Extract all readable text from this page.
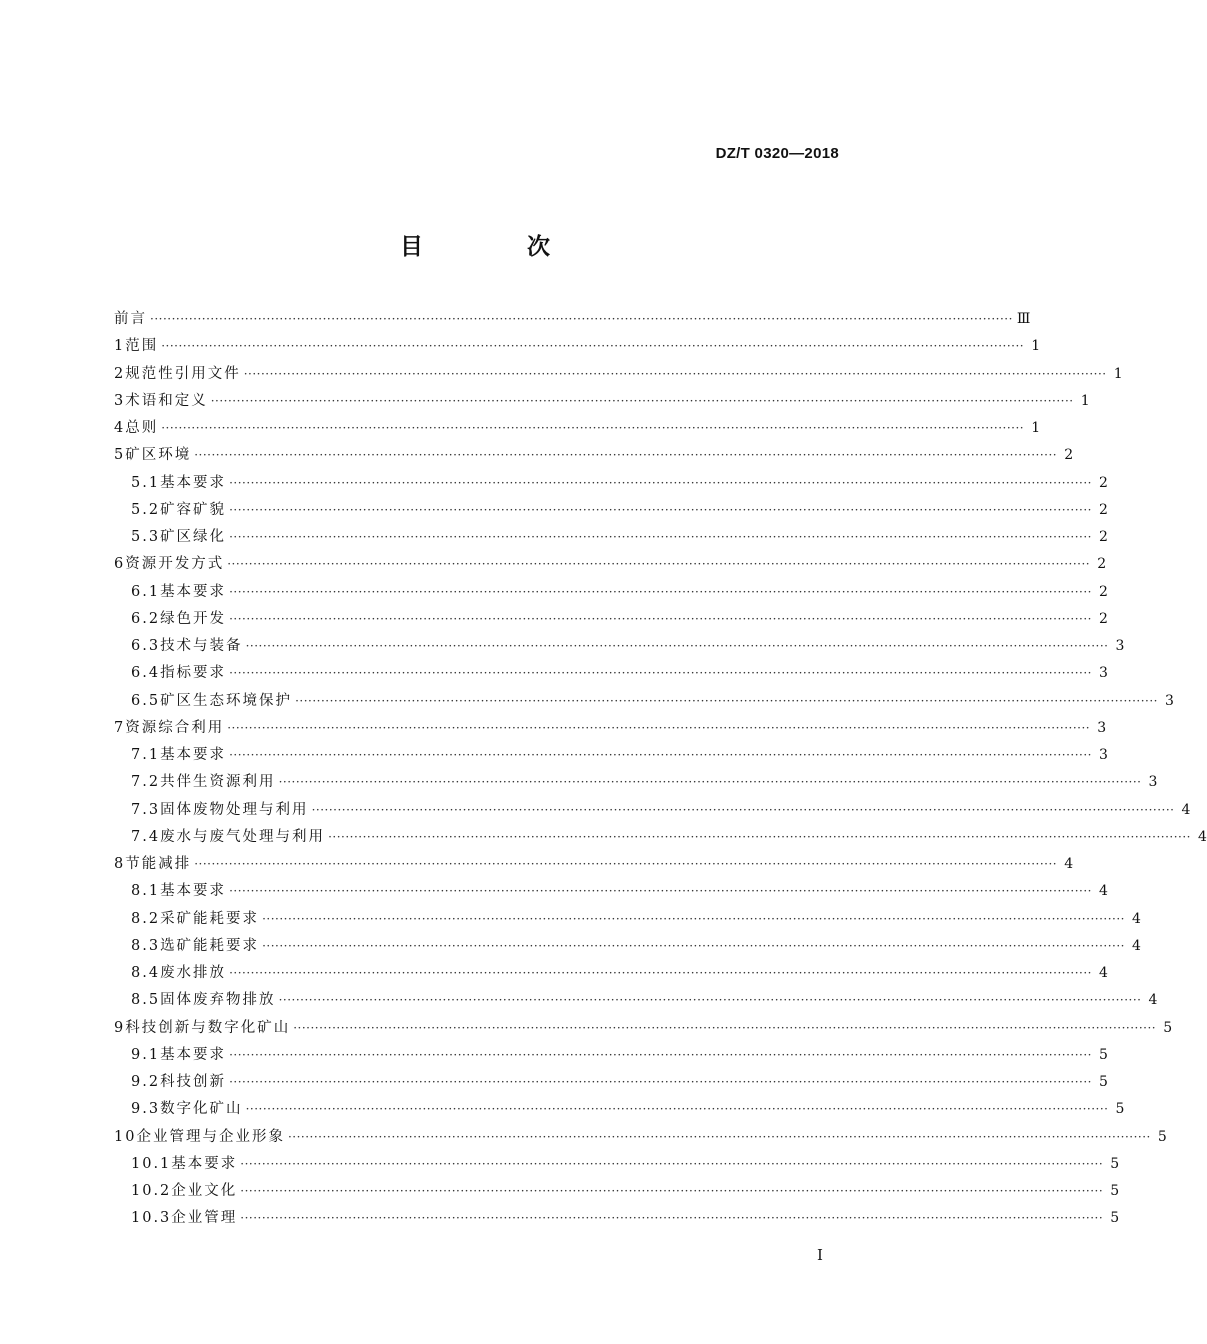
DZ/T 0320—2018
目 次
前言 ········································································································································································································ Ⅲ
1 范围 ········································································································································································································ 1
2 规范性引用文件 ········································································································································································································ 1
3 术语和定义 ········································································································································································································ 1
4 总则 ········································································································································································································ 1
5 矿区环境 ········································································································································································································ 2
5.1 基本要求 ········································································································································································································ 2
5.2 矿容矿貌 ········································································································································································································ 2
5.3 矿区绿化 ········································································································································································································ 2
6 资源开发方式 ········································································································································································································ 2
6.1 基本要求 ········································································································································································································ 2
6.2 绿色开发 ········································································································································································································ 2
6.3 技术与装备 ········································································································································································································ 3
6.4 指标要求 ········································································································································································································ 3
6.5 矿区生态环境保护 ········································································································································································································ 3
7 资源综合利用 ········································································································································································································ 3
7.1 基本要求 ········································································································································································································ 3
7.2 共伴生资源利用 ········································································································································································································ 3
7.3 固体废物处理与利用 ········································································································································································································ 4
7.4 废水与废气处理与利用 ········································································································································································································ 4
8 节能减排 ········································································································································································································ 4
8.1 基本要求 ········································································································································································································ 4
8.2 采矿能耗要求 ········································································································································································································ 4
8.3 选矿能耗要求 ········································································································································································································ 4
8.4 废水排放 ········································································································································································································ 4
8.5 固体废弃物排放 ········································································································································································································ 4
9 科技创新与数字化矿山 ········································································································································································································ 5
9.1 基本要求 ········································································································································································································ 5
9.2 科技创新 ········································································································································································································ 5
9.3 数字化矿山 ········································································································································································································ 5
10 企业管理与企业形象 ········································································································································································································ 5
10.1 基本要求 ········································································································································································································ 5
10.2 企业文化 ········································································································································································································ 5
10.3 企业管理 ········································································································································································································ 5
I
